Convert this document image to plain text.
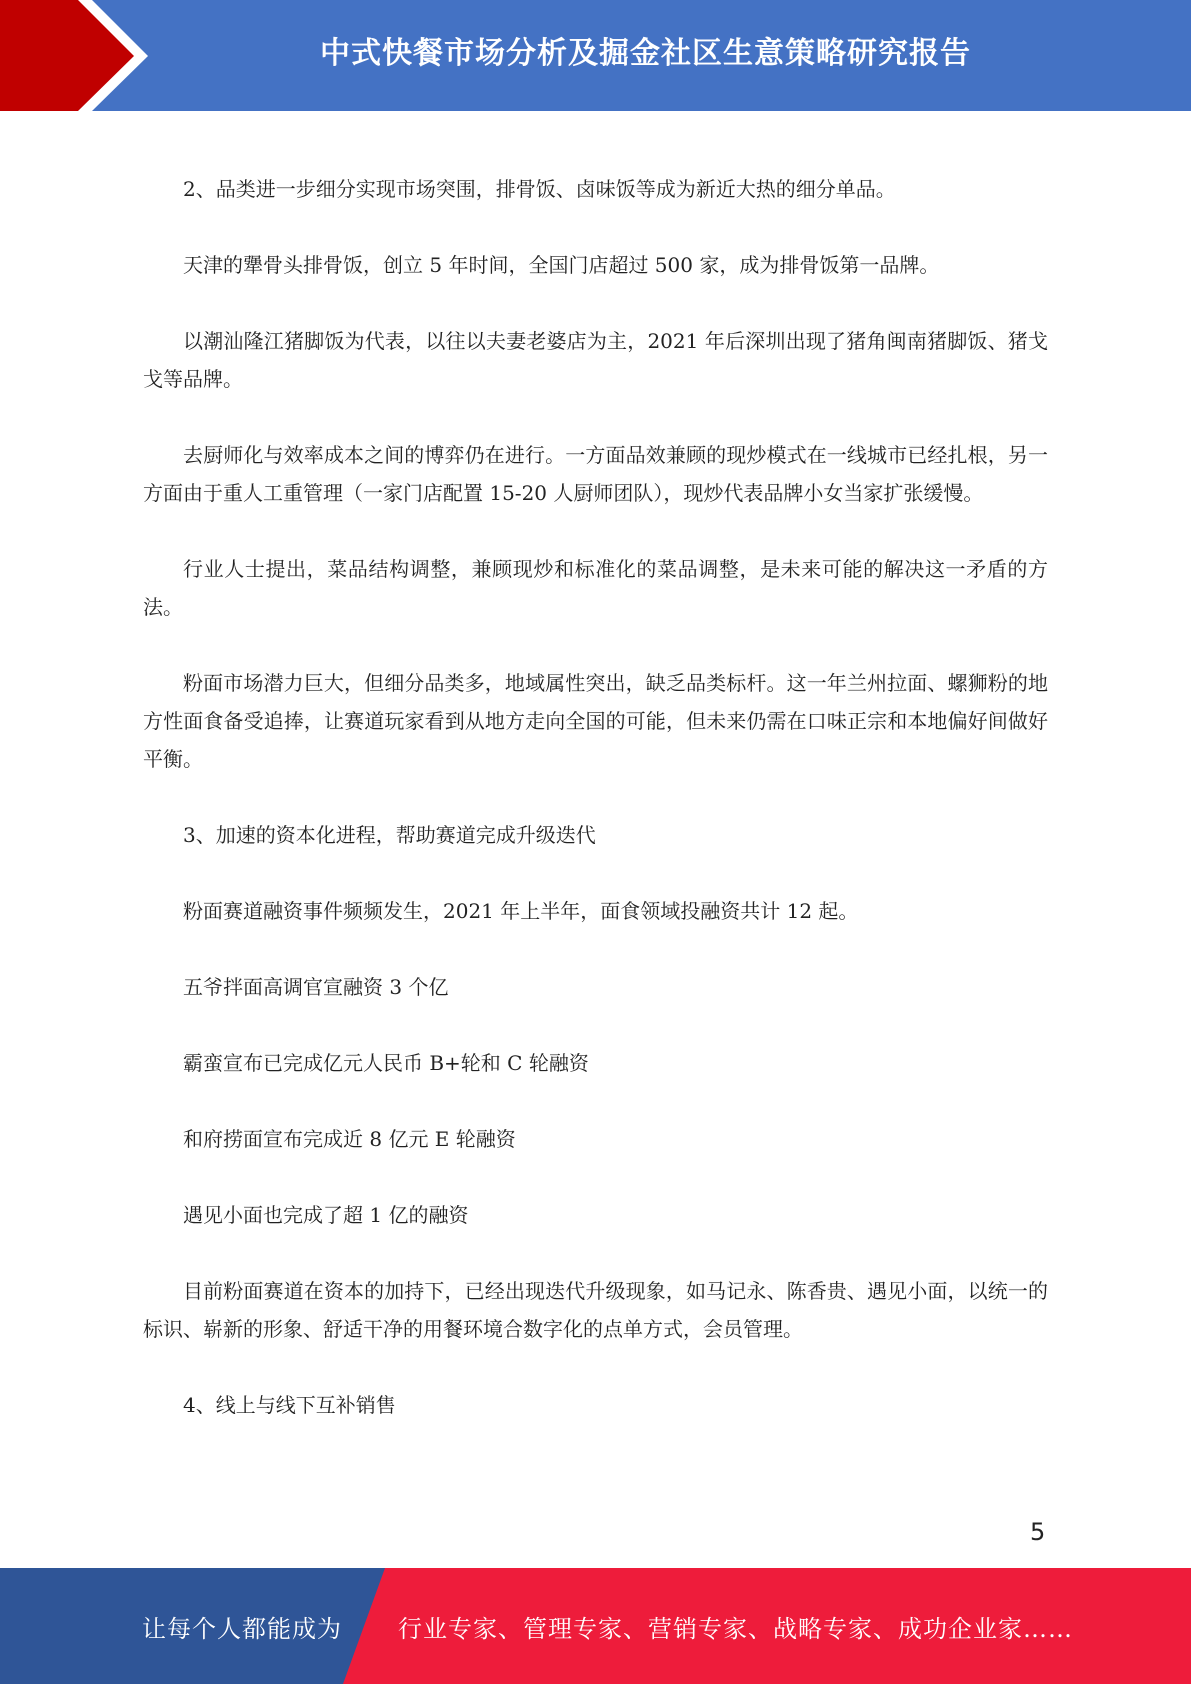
中式快餐市场分析及掘金社区生意策略研究报告

2、品类进一步细分实现市场突围，排骨饭、卤味饭等成为新近大热的细分单品。

天津的犟骨头排骨饭，创立 5 年时间，全国门店超过 500 家，成为排骨饭第一品牌。

以潮汕隆江猪脚饭为代表，以往以夫妻老婆店为主，2021 年后深圳出现了猪角闽南猪脚饭、猪戈戈等品牌。

去厨师化与效率成本之间的博弈仍在进行。一方面品效兼顾的现炒模式在一线城市已经扎根，另一方面由于重人工重管理（一家门店配置 15-20 人厨师团队），现炒代表品牌小女当家扩张缓慢。

行业人士提出，菜品结构调整，兼顾现炒和标准化的菜品调整，是未来可能的解决这一矛盾的方法。

粉面市场潜力巨大，但细分品类多，地域属性突出，缺乏品类标杆。这一年兰州拉面、螺狮粉的地方性面食备受追捧，让赛道玩家看到从地方走向全国的可能，但未来仍需在口味正宗和本地偏好间做好平衡。

3、加速的资本化进程，帮助赛道完成升级迭代

粉面赛道融资事件频频发生，2021 年上半年，面食领域投融资共计 12 起。

五爷拌面高调官宣融资 3 个亿

霸蛮宣布已完成亿元人民币 B+轮和 C 轮融资

和府捞面宣布完成近 8 亿元 E 轮融资

遇见小面也完成了超 1 亿的融资

目前粉面赛道在资本的加持下，已经出现迭代升级现象，如马记永、陈香贵、遇见小面，以统一的标识、崭新的形象、舒适干净的用餐环境合数字化的点单方式，会员管理。

4、线上与线下互补销售

5
让每个人都能成为 行业专家、管理专家、营销专家、战略专家、成功企业家……
